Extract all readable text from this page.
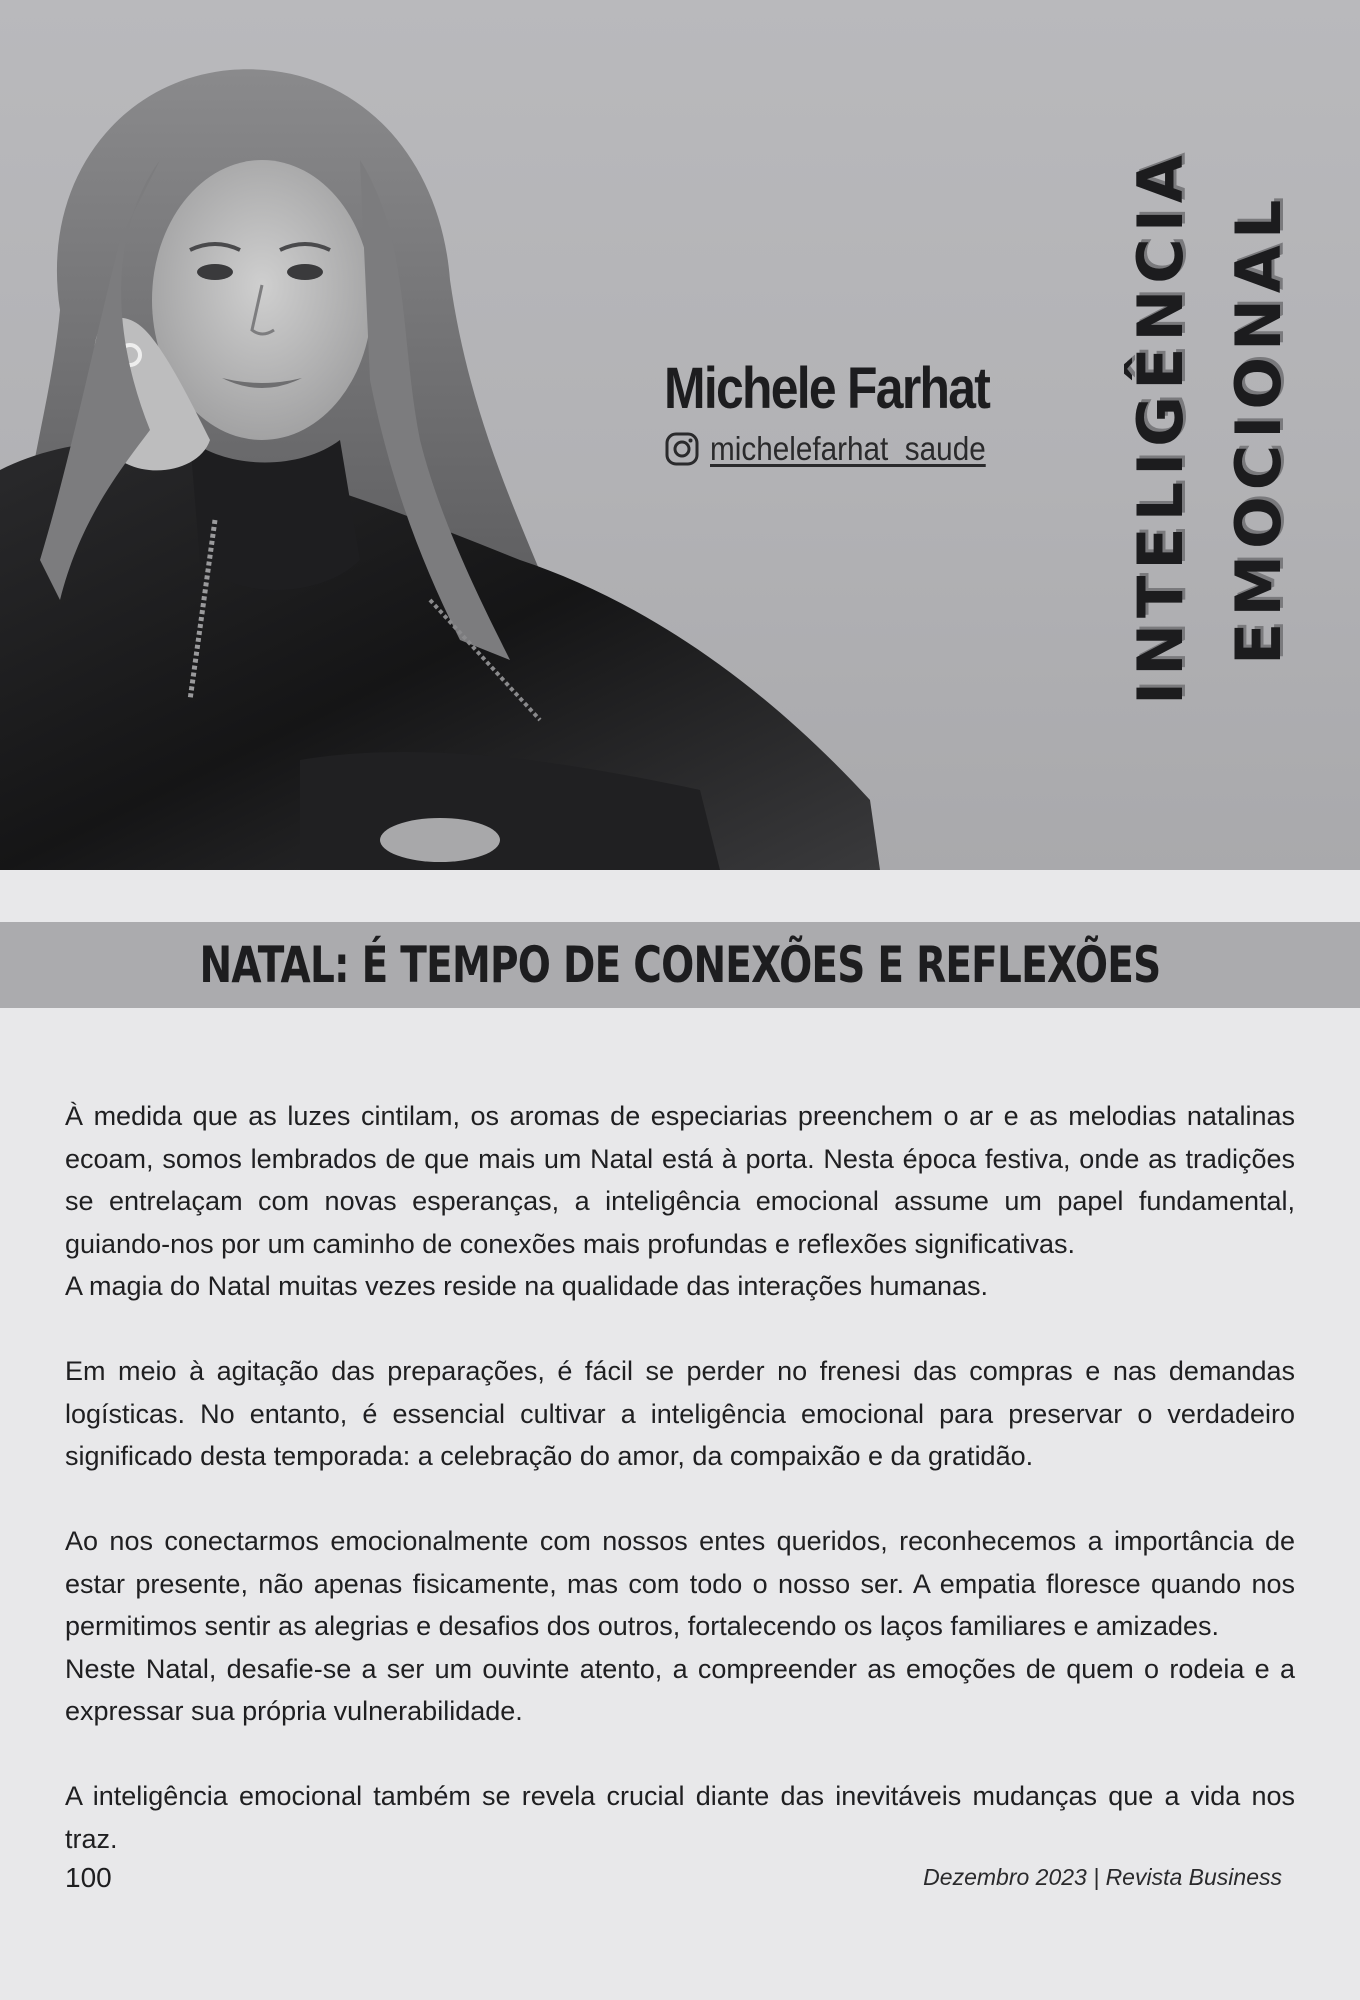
Michele Farhat
michelefarhat_saude INTELIGÊNCIA EMOCIONAL
NATAL: É TEMPO DE CONEXÕES E REFLEXÕES

À medida que as luzes cintilam, os aromas de especiarias preenchem o ar e as melodias natalinas ecoam, somos lembrados de que mais um Natal está à porta. Nesta época festiva, onde as tradições se entrelaçam com novas esperanças, a inteligência emocional assume um papel fundamental, guiando-nos por um caminho de conexões mais profundas e reflexões significativas.

A magia do Natal muitas vezes reside na qualidade das interações humanas.

Em meio à agitação das preparações, é fácil se perder no frenesi das compras e nas demandas logísticas. No entanto, é essencial cultivar a inteligência emocional para preservar o verdadeiro significado desta temporada: a celebração do amor, da compaixão e da gratidão.

Ao nos conectarmos emocionalmente com nossos entes queridos, reconhecemos a importância de estar presente, não apenas fisicamente, mas com todo o nosso ser. A empatia floresce quando nos permitimos sentir as alegrias e desafios dos outros, fortalecendo os laços familiares e amizades.

Neste Natal, desafie-se a ser um ouvinte atento, a compreender as emoções de quem o rodeia e a expressar sua própria vulnerabilidade.

A inteligência emocional também se revela crucial diante das inevitáveis mudanças que a vida nos traz.

100	Dezembro 2023 | Revista Business
